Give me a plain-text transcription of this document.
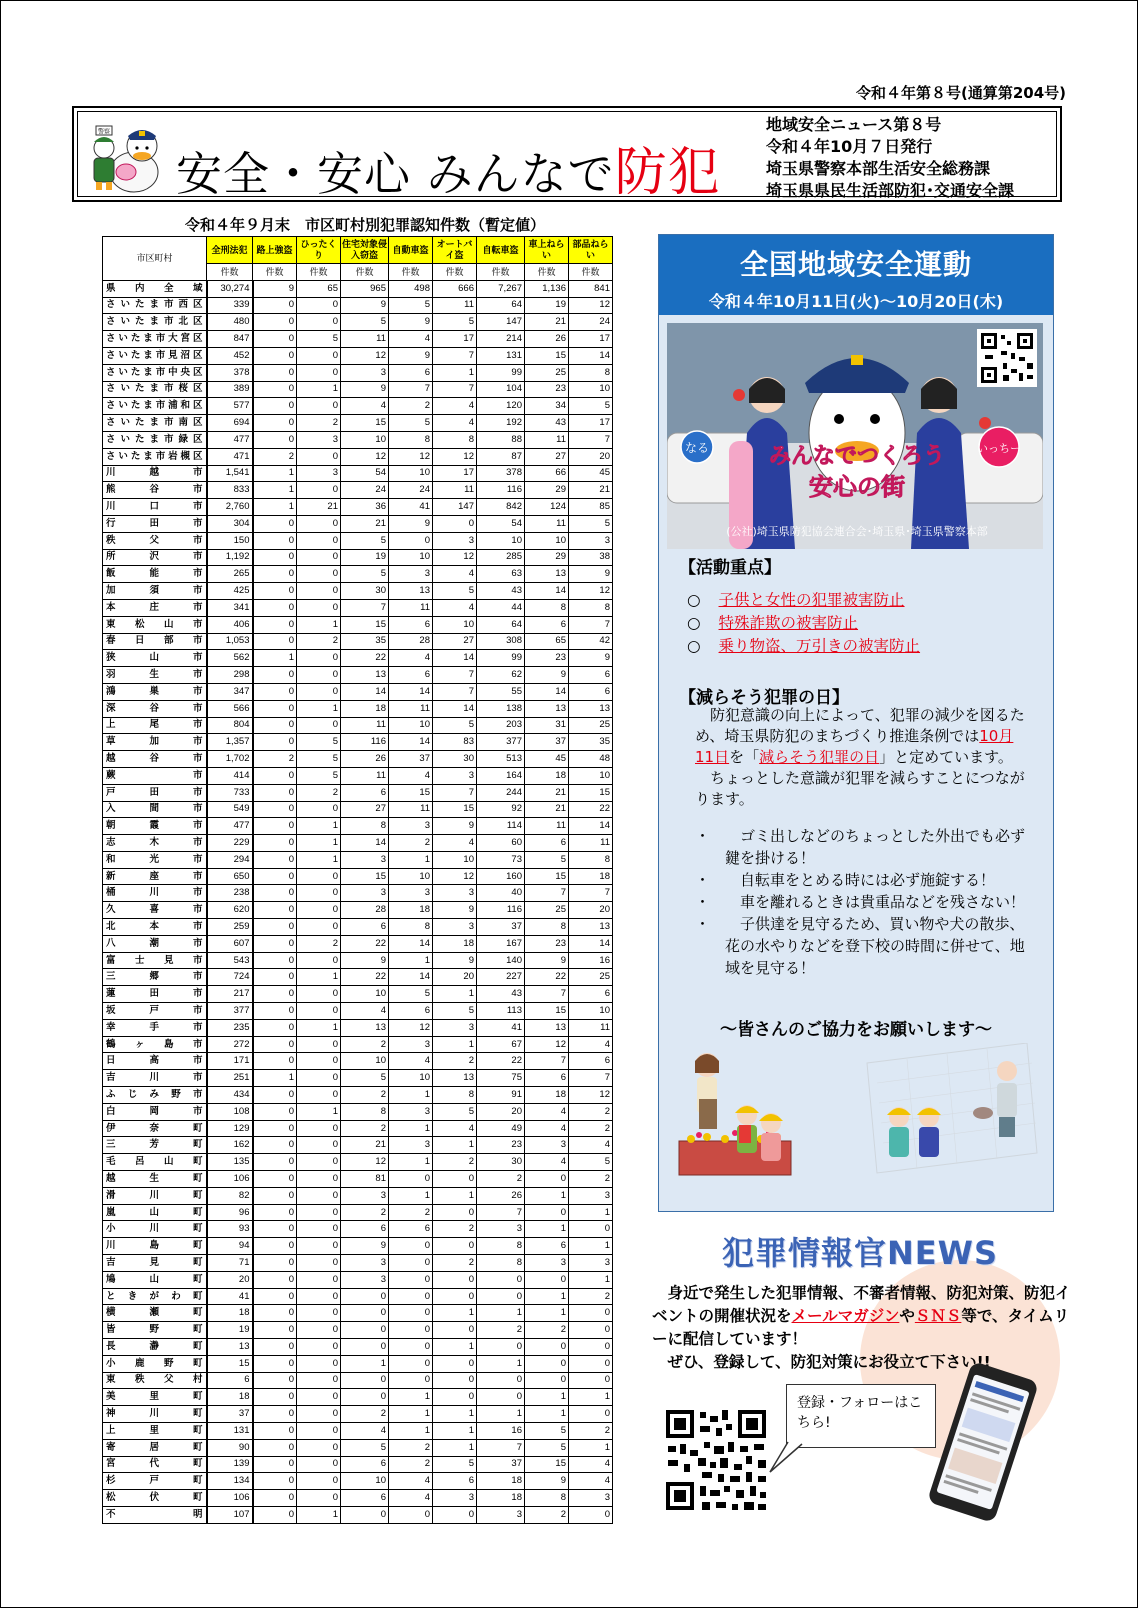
令和４年第８号(通算第204号)
警察
安全・安心 みんなで防犯
地域安全ニュース第８号
令和４年10月７日発行
埼玉県警察本部生活安全総務課
埼玉県県民生活部防犯･交通安全課
令和４年９月末　市区町村別犯罪認知件数（暫定値）
市区町村	全刑法犯	路上強盗	ひったくり	住宅対象侵入窃盗	自動車盗	オートバイ盗	自転車盗	車上ねらい	部品ねらい
	件数	件数	件数	件数	件数	件数	件数	件数	件数
県内全域	30,274	9	65	965	498	666	7,267	1,136	841
さいたま市西区	339	0	0	9	5	11	64	19	12
さいたま市北区	480	0	0	5	9	5	147	21	24
さいたま市大宮区	847	0	5	11	4	17	214	26	17
さいたま市見沼区	452	0	0	12	9	7	131	15	14
さいたま市中央区	378	0	0	3	6	1	99	25	8
さいたま市桜区	389	0	1	9	7	7	104	23	10
さいたま市浦和区	577	0	0	4	2	4	120	34	5
さいたま市南区	694	0	2	15	5	4	192	43	17
さいたま市緑区	477	0	3	10	8	8	88	11	7
さいたま市岩槻区	471	2	0	12	12	12	87	27	20
川越市	1,541	1	3	54	10	17	378	66	45
熊谷市	833	1	0	24	24	11	116	29	21
川口市	2,760	1	21	36	41	147	842	124	85
行田市	304	0	0	21	9	0	54	11	5
秩父市	150	0	0	5	0	3	10	10	3
所沢市	1,192	0	0	19	10	12	285	29	38
飯能市	265	0	0	5	3	4	63	13	9
加須市	425	0	0	30	13	5	43	14	12
本庄市	341	0	0	7	11	4	44	8	8
東松山市	406	0	1	15	6	10	64	6	7
春日部市	1,053	0	2	35	28	27	308	65	42
狭山市	562	1	0	22	4	14	99	23	9
羽生市	298	0	0	13	6	7	62	9	6
鴻巣市	347	0	0	14	14	7	55	14	6
深谷市	566	0	1	18	11	14	138	13	13
上尾市	804	0	0	11	10	5	203	31	25
草加市	1,357	0	5	116	14	83	377	37	35
越谷市	1,702	2	5	26	37	30	513	45	48
蕨市	414	0	5	11	4	3	164	18	10
戸田市	733	0	2	6	15	7	244	21	15
入間市	549	0	0	27	11	15	92	21	22
朝霞市	477	0	1	8	3	9	114	11	14
志木市	229	0	1	14	2	4	60	6	11
和光市	294	0	1	3	1	10	73	5	8
新座市	650	0	0	15	10	12	160	15	18
桶川市	238	0	0	3	3	3	40	7	7
久喜市	620	0	0	28	18	9	116	25	20
北本市	259	0	0	6	8	3	37	8	13
八潮市	607	0	2	22	14	18	167	23	14
富士見市	543	0	0	9	1	9	140	9	16
三郷市	724	0	1	22	14	20	227	22	25
蓮田市	217	0	0	10	5	1	43	7	6
坂戸市	377	0	0	4	6	5	113	15	10
幸手市	235	0	1	13	12	3	41	13	11
鶴ヶ島市	272	0	0	2	3	1	67	12	4
日高市	171	0	0	10	4	2	22	7	6
吉川市	251	1	0	5	10	13	75	6	7
ふじみ野市	434	0	0	2	1	8	91	18	12
白岡市	108	0	1	8	3	5	20	4	2
伊奈町	129	0	0	2	1	4	49	4	2
三芳町	162	0	0	21	3	1	23	3	4
毛呂山町	135	0	0	12	1	2	30	4	5
越生町	106	0	0	81	0	0	2	0	2
滑川町	82	0	0	3	1	1	26	1	3
嵐山町	96	0	0	2	2	0	7	0	1
小川町	93	0	0	6	6	2	3	1	0
川島町	94	0	0	9	0	0	8	6	1
吉見町	71	0	0	3	0	2	8	3	3
鳩山町	20	0	0	3	0	0	0	0	1
ときがわ町	41	0	0	0	0	0	0	1	2
横瀬町	18	0	0	0	0	1	1	1	0
皆野町	19	0	0	0	0	0	2	2	0
長瀞町	13	0	0	0	0	1	0	0	0
小鹿野町	15	0	0	1	0	0	1	0	0
東秩父村	6	0	0	0	0	0	0	0	0
美里町	18	0	0	0	1	0	0	1	1
神川町	37	0	0	2	1	1	1	1	0
上里町	131	0	0	4	1	1	16	5	2
寄居町	90	0	0	5	2	1	7	5	1
宮代町	139	0	0	6	2	5	37	15	4
杉戸町	134	0	0	10	4	6	18	9	4
松伏町	106	0	0	6	4	3	18	8	3
不明	107	0	1	0	0	0	3	2	0
全国地域安全運動
令和４年10月11日(火)～10月20日(木)
なる	いっちー
みんなでつくろう
安心の街
(公社)埼玉県防犯協会連合会･埼玉県･埼玉県警察本部
【活動重点】
○ 子供と女性の犯罪被害防止
○ 特殊詐欺の被害防止
○ 乗り物盗、万引きの被害防止
【減らそう犯罪の日】
防犯意識の向上によって、犯罪の減少を図るため、埼玉県防犯のまちづくり推進条例では10月11日を「減らそう犯罪の日」と定めています。
ちょっとした意識が犯罪を減らすことにつながります。
・　　 ゴミ出しなどのちょっとした外出でも必ず鍵を掛ける！
・　　 自転車をとめる時には必ず施錠する！
・　　 車を離れるときは貴重品などを残さない！
・　　 子供達を見守るため、買い物や犬の散歩、花の水やりなどを登下校の時間に併せて、地域を見守る！
～皆さんのご協力をお願いします～
犯罪情報官NEWS
身近で発生した犯罪情報、不審者情報、防犯対策、防犯イベントの開催状況をメールマガジンやＳＮＳ等で、タイムリーに配信しています！
ぜひ、登録して、防犯対策にお役立て下さい!!
登録・フォローはこちら!
